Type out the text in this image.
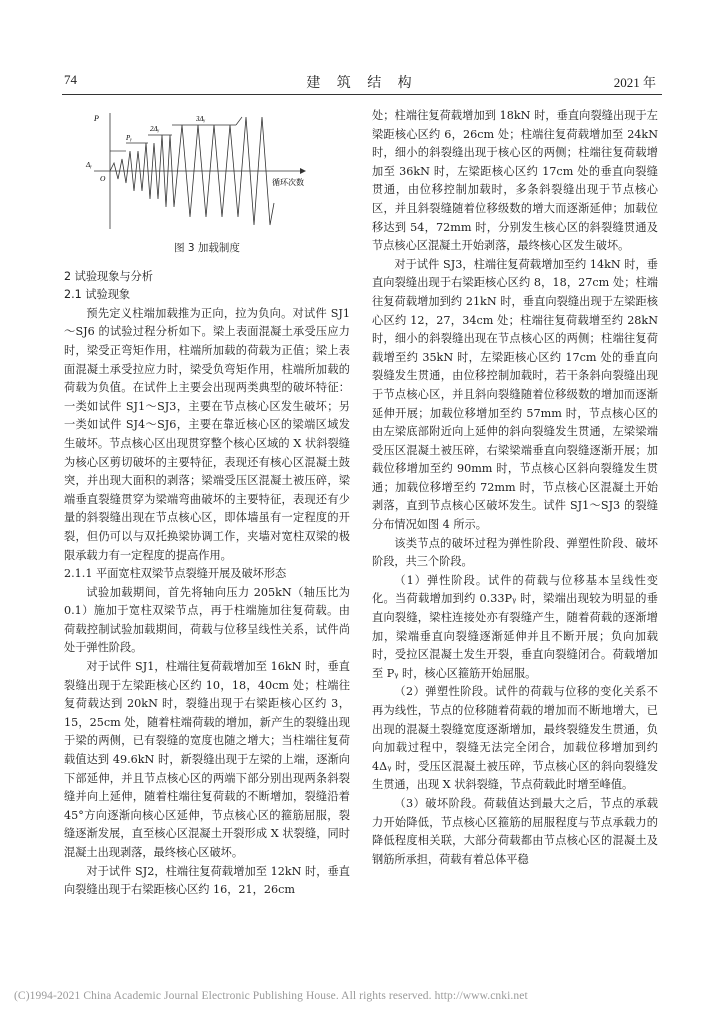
74	建 筑 结 构	2021 年
P
Pᵧ
2Δᵧ
3Δᵧ
Δᵧ
O	循环次数
图 3 加载制度

2 试验现象与分析

2.1 试验现象

预先定义柱端加载推为正向，拉为负向。对试件 SJ1～SJ6 的试验过程分析如下。梁上表面混凝土承受压应力时，梁受正弯矩作用，柱端所加载的荷载为正值；梁上表面混凝土承受拉应力时，梁受负弯矩作用，柱端所加载的荷载为负值。在试件上主要会出现两类典型的破坏特征：一类如试件 SJ1～SJ3，主要在节点核心区发生破坏；另一类如试件 SJ4～SJ6，主要在靠近核心区的梁端区域发生破坏。节点核心区出现贯穿整个核心区域的 X 状斜裂缝为核心区剪切破坏的主要特征，表现还有核心区混凝土鼓突，并出现大面积的剥落；梁端受压区混凝土被压碎，梁端垂直裂缝贯穿为梁端弯曲破坏的主要特征，表现还有少量的斜裂缝出现在节点核心区，即体墙虽有一定程度的开裂，但仍可以与双托换梁协调工作，夹墙对宽柱双梁的极限承载力有一定程度的提高作用。

2.1.1 平面宽柱双梁节点裂缝开展及破坏形态

试验加载期间，首先将轴向压力 205kN（轴压比为 0.1）施加于宽柱双梁节点，再于柱端施加往复荷载。由荷载控制试验加载期间，荷载与位移呈线性关系，试件尚处于弹性阶段。

对于试件 SJ1，柱端往复荷载增加至 16kN 时，垂直裂缝出现于左梁距核心区约 10，18，40cm 处；柱端往复荷载达到 20kN 时，裂缝出现于右梁距核心区约 3，15，25cm 处，随着柱端荷载的增加，新产生的裂缝出现于梁的两侧，已有裂缝的宽度也随之增大；当柱端往复荷载值达到 49.6kN 时，新裂缝出现于左梁的上端，逐渐向下部延伸，并且节点核心区的两端下部分别出现两条斜裂缝并向上延伸，随着柱端往复荷载的不断增加，裂缝沿着 45°方向逐渐向核心区延伸，节点核心区的箍筋屈服，裂缝逐渐发展，直至核心区混凝土开裂形成 X 状裂缝，同时混凝土出现剥落，最终核心区破坏。

对于试件 SJ2，柱端往复荷载增加至 12kN 时，垂直向裂缝出现于右梁距核心区约 16，21，26cm

处；柱端往复荷载增加到 18kN 时，垂直向裂缝出现于左梁距核心区约 6，26cm 处；柱端往复荷载增加至 24kN 时，细小的斜裂缝出现于核心区的两侧；柱端往复荷载增加至 36kN 时，左梁距核心区约 17cm 处的垂直向裂缝贯通，由位移控制加载时，多条斜裂缝出现于节点核心区，并且斜裂缝随着位移级数的增大而逐渐延伸；加载位移达到 54，72mm 时，分别发生核心区的斜裂缝贯通及节点核心区混凝土开始剥落，最终核心区发生破坏。

对于试件 SJ3，柱端往复荷载增加至约 14kN 时，垂直向裂缝出现于右梁距核心区约 8，18，27cm 处；柱端往复荷载增加到约 21kN 时，垂直向裂缝出现于左梁距核心区约 12，27，34cm 处；柱端往复荷载增至约 28kN 时，细小的斜裂缝出现在节点核心区的两侧；柱端往复荷载增至约 35kN 时，左梁距核心区约 17cm 处的垂直向裂缝发生贯通，由位移控制加载时，若干条斜向裂缝出现于节点核心区，并且斜向裂缝随着位移级数的增加而逐渐延伸开展；加载位移增加至约 57mm 时，节点核心区的由左梁底部附近向上延伸的斜向裂缝发生贯通，左梁梁端受压区混凝土被压碎，右梁梁端垂直向裂缝逐渐开展；加载位移增加至约 90mm 时，节点核心区斜向裂缝发生贯通；加载位移增至约 72mm 时，节点核心区混凝土开始剥落，直到节点核心区破坏发生。试件 SJ1～SJ3 的裂缝分布情况如图 4 所示。

该类节点的破坏过程为弹性阶段、弹塑性阶段、破坏阶段，共三个阶段。

（1）弹性阶段。试件的荷载与位移基本呈线性变化。当荷载增加到约 0.33Pᵧ 时，梁端出现较为明显的垂直向裂缝，梁柱连接处亦有裂缝产生，随着荷载的逐渐增加，梁端垂直向裂缝逐渐延伸并且不断开展；负向加载时，受拉区混凝土发生开裂，垂直向裂缝闭合。荷载增加至 Pᵧ 时，核心区箍筋开始屈服。

（2）弹塑性阶段。试件的荷载与位移的变化关系不再为线性，节点的位移随着荷载的增加而不断地增大，已出现的混凝土裂缝宽度逐渐增加，最终裂缝发生贯通，负向加载过程中，裂缝无法完全闭合，加载位移增加到约 4Δᵧ 时，受压区混凝土被压碎，节点核心区的斜向裂缝发生贯通，出现 X 状斜裂缝，节点荷载此时增至峰值。

（3）破坏阶段。荷载值达到最大之后，节点的承载力开始降低，节点核心区箍筋的屈服程度与节点承载力的降低程度相关联，大部分荷载都由节点核心区的混凝土及钢筋所承担，荷载有着总体平稳

(C)1994-2021 China Academic Journal Electronic Publishing House. All rights reserved. http://www.cnki.net
